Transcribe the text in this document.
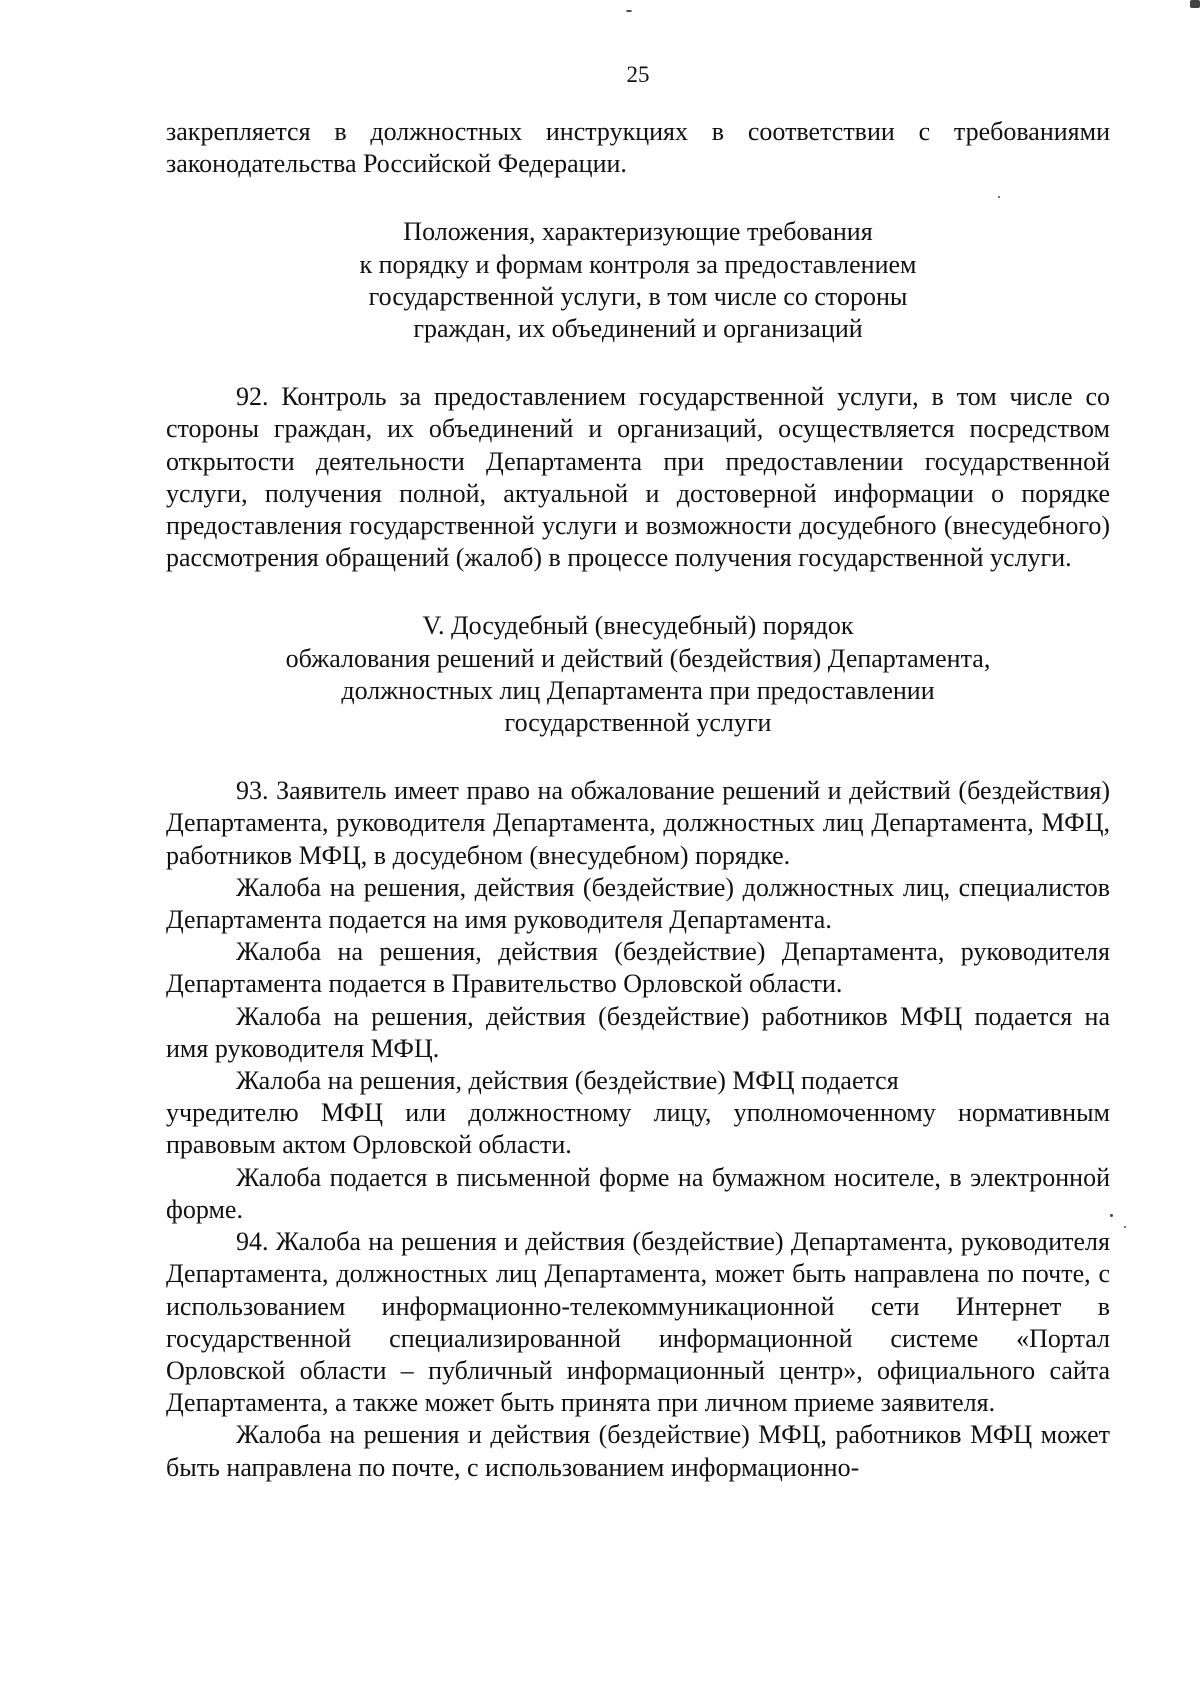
25

закрепляется в должностных инструкциях в соответствии с требованиями законодательства Российской Федерации.

Положения, характеризующие требования
к порядку и формам контроля за предоставлением
государственной услуги, в том числе со стороны
граждан, их объединений и организаций

92. Контроль за предоставлением государственной услуги, в том числе со стороны граждан, их объединений и организаций, осуществляется посредством открытости деятельности Департамента при предоставлении государственной услуги, получения полной, актуальной и достоверной информации о порядке предоставления государственной услуги и возможности досудебного (внесудебного) рассмотрения обращений (жалоб) в процессе получения государственной услуги.

V. Досудебный (внесудебный) порядок
обжалования решений и действий (бездействия) Департамента,
должностных лиц Департамента при предоставлении
государственной услуги

93. Заявитель имеет право на обжалование решений и действий (бездействия) Департамента, руководителя Департамента, должностных лиц Департамента, МФЦ, работников МФЦ, в досудебном (внесудебном) порядке.

Жалоба на решения, действия (бездействие) должностных лиц, специалистов Департамента подается на имя руководителя Департамента.

Жалоба на решения, действия (бездействие) Департамента, руководителя Департамента подается в Правительство Орловской области.

Жалоба на решения, действия (бездействие) работников МФЦ подается на имя руководителя МФЦ.

Жалоба на решения, действия (бездействие) МФЦ подается

учредителю МФЦ или должностному лицу, уполномоченному нормативным правовым актом Орловской области.

Жалоба подается в письменной форме на бумажном носителе, в электронной форме.

94. Жалоба на решения и действия (бездействие) Департамента, руководителя Департамента, должностных лиц Департамента, может быть направлена по почте, с использованием информационно-телекоммуникационной сети Интернет в государственной специализированной информационной системе «Портал Орловской области – публичный информационный центр», официального сайта Департамента, а также может быть принята при личном приеме заявителя.

Жалоба на решения и действия (бездействие) МФЦ, работников МФЦ может быть направлена по почте, с использованием информационно-
